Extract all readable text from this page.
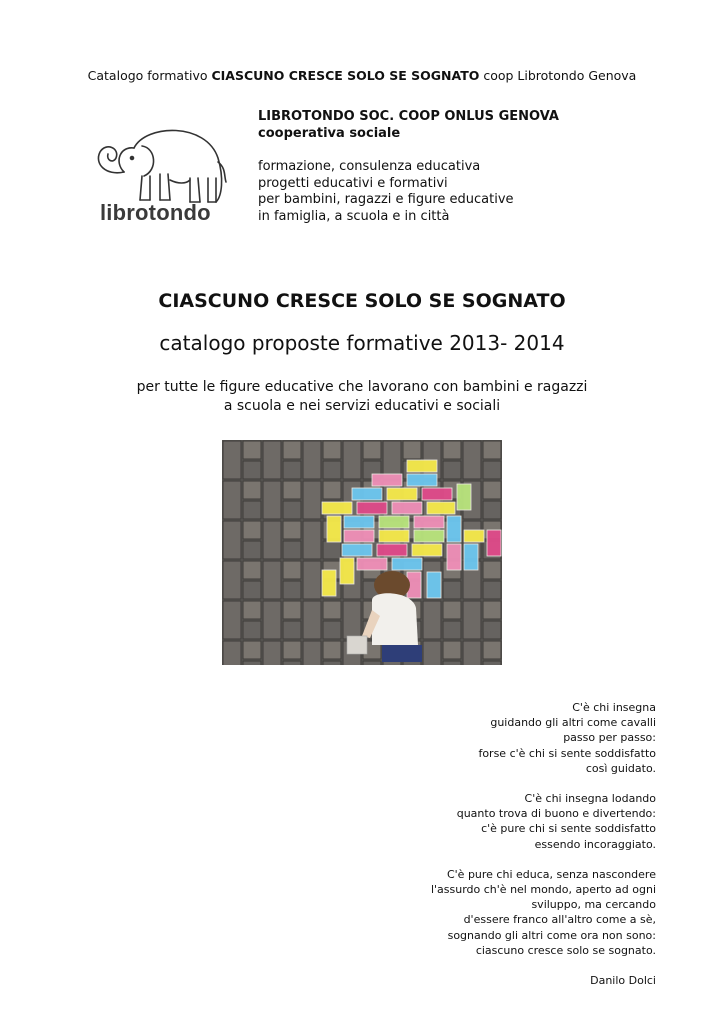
Catalogo formativo CIASCUNO CRESCE SOLO SE SOGNATO coop Librotondo Genova
librotondo
LIBROTONDO SOC. COOP ONLUS GENOVA
cooperativa sociale
formazione, consulenza educativa
progetti educativi e formativi
per bambini, ragazzi e figure educative
in famiglia, a scuola e in città
CIASCUNO CRESCE SOLO SE SOGNATO
catalogo proposte formative 2013- 2014
per tutte le figure educative che lavorano con bambini e ragazzi
a scuola e nei servizi educativi e sociali
C'è chi insegna
guidando gli altri come cavalli
passo per passo:
forse c'è chi si sente soddisfatto
così guidato.
C'è chi insegna lodando
quanto trova di buono e divertendo:
c'è pure chi si sente soddisfatto
essendo incoraggiato.
C'è pure chi educa, senza nascondere
l'assurdo ch'è nel mondo, aperto ad ogni
sviluppo, ma cercando
d'essere franco all'altro come a sè,
sognando gli altri come ora non sono:
ciascuno cresce solo se sognato.
Danilo Dolci
